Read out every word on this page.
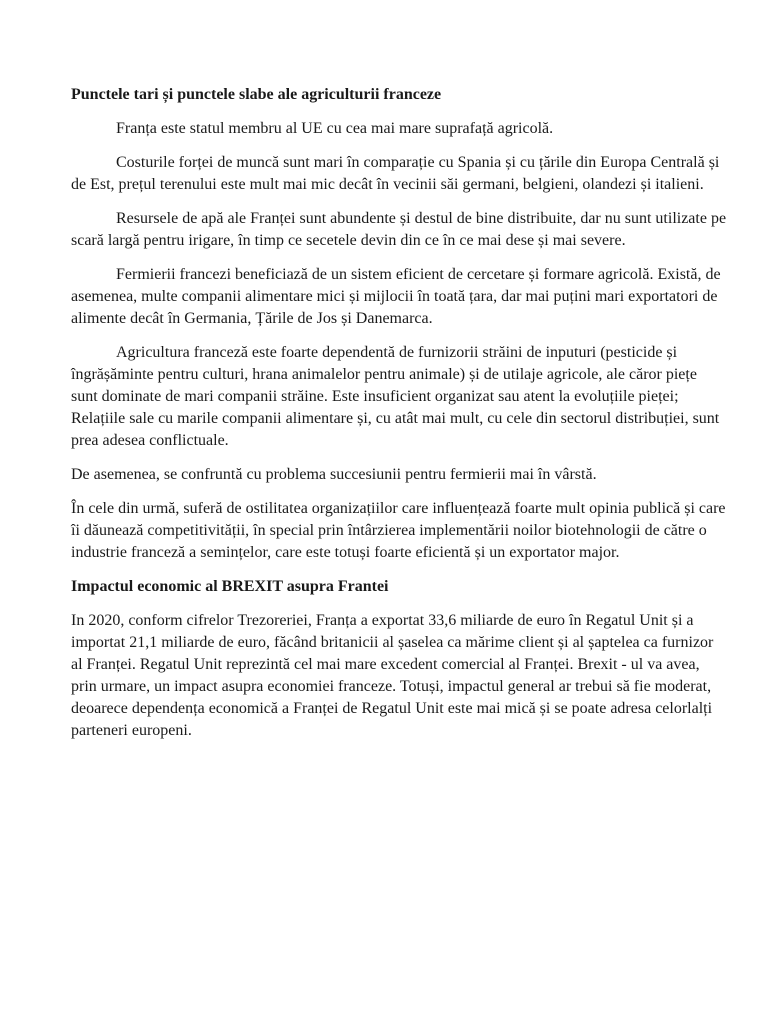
Punctele tari și punctele slabe ale agriculturii franceze

Franța este statul membru al UE cu cea mai mare suprafață agricolă.

Costurile forței de muncă sunt mari în comparație cu Spania și cu țările din Europa Centrală și de Est, prețul terenului este mult mai mic decât în vecinii săi germani, belgieni, olandezi și italieni.

Resursele de apă ale Franței sunt abundente și destul de bine distribuite, dar nu sunt utilizate pe scară largă pentru irigare, în timp ce secetele devin din ce în ce mai dese și mai severe.

Fermierii francezi beneficiază de un sistem eficient de cercetare și formare agricolă. Există, de asemenea, multe companii alimentare mici și mijlocii în toată țara, dar mai puțini mari exportatori de alimente decât în Germania, Țările de Jos și Danemarca.

Agricultura franceză este foarte dependentă de furnizorii străini de inputuri (pesticide și îngrășăminte pentru culturi, hrana animalelor pentru animale) și de utilaje agricole, ale căror piețe sunt dominate de mari companii străine. Este insuficient organizat sau atent la evoluțiile pieței; Relațiile sale cu marile companii alimentare și, cu atât mai mult, cu cele din sectorul distribuției, sunt prea adesea conflictuale.

De asemenea, se confruntă cu problema succesiunii pentru fermierii mai în vârstă.

În cele din urmă, suferă de ostilitatea organizațiilor care influențează foarte mult opinia publică și care îi dăunează competitivității, în special prin întârzierea implementării noilor biotehnologii de către o industrie franceză a semințelor, care este totuși foarte eficientă și un exportator major.

Impactul economic al BREXIT asupra Frantei

In 2020, conform cifrelor Trezoreriei, Franța a exportat 33,6 miliarde de euro în Regatul Unit și a importat 21,1 miliarde de euro, făcând britanicii al șaselea ca mărime client și al șaptelea ca furnizor al Franței. Regatul Unit reprezintă cel mai mare excedent comercial al Franței. Brexit - ul va avea, prin urmare, un impact asupra economiei franceze. Totuși, impactul general ar trebui să fie moderat, deoarece dependența economică a Franței de Regatul Unit este mai mică și se poate adresa celorlalți parteneri europeni.
